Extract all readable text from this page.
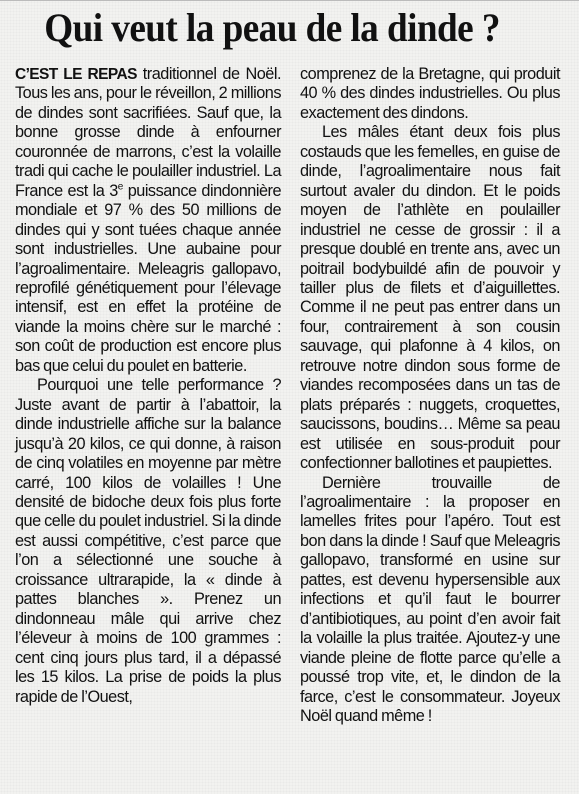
Qui veut la peau de la dinde ?

C’EST LE REPAS traditionnel de Noël. Tous les ans, pour le réveillon, 2 millions de dindes sont sacrifiées. Sauf que, la bonne grosse dinde à enfourner couronnée de marrons, c’est la volaille tradi qui cache le poulailler industriel. La France est la 3e puissance dindonnière mondiale et 97 % des 50 millions de dindes qui y sont tuées chaque année sont industrielles. Une aubaine pour l’agroalimentaire. Meleagris gallopavo, reprofilé génétiquement pour l’élevage intensif, est en effet la protéine de viande la moins chère sur le marché : son coût de production est encore plus bas que celui du poulet en batterie.

Pourquoi une telle performance ? Juste avant de partir à l’abattoir, la dinde industrielle affiche sur la balance jusqu’à 20 kilos, ce qui donne, à raison de cinq volatiles en moyenne par mètre carré, 100 kilos de volailles ! Une densité de bidoche deux fois plus forte que celle du poulet industriel. Si la dinde est aussi compétitive, c’est parce que l’on a sélectionné une souche à croissance ultrarapide, la « dinde à pattes blanches ». Prenez un dindonneau mâle qui arrive chez l’éleveur à moins de 100 grammes : cent cinq jours plus tard, il a dépassé les 15 kilos. La prise de poids la plus rapide de l’Ouest,

comprenez de la Bretagne, qui produit 40 % des dindes industrielles. Ou plus exactement des dindons.

Les mâles étant deux fois plus costauds que les femelles, en guise de dinde, l’agroalimentaire nous fait surtout avaler du dindon. Et le poids moyen de l’athlète en poulailler industriel ne cesse de grossir : il a presque doublé en trente ans, avec un poitrail bodybuildé afin de pouvoir y tailler plus de filets et d’aiguillettes. Comme il ne peut pas entrer dans un four, contrairement à son cousin sauvage, qui plafonne à 4 kilos, on retrouve notre dindon sous forme de viandes recomposées dans un tas de plats préparés : nuggets, croquettes, saucissons, boudins… Même sa peau est utilisée en sous-produit pour confectionner ballotines et paupiettes.

Dernière trouvaille de l’agroalimentaire : la proposer en lamelles frites pour l’apéro. Tout est bon dans la dinde ! Sauf que Meleagris gallopavo, transformé en usine sur pattes, est devenu hypersensible aux infections et qu’il faut le bourrer d’antibiotiques, au point d’en avoir fait la volaille la plus traitée. Ajoutez-y une viande pleine de flotte parce qu’elle a poussé trop vite, et, le dindon de la farce, c’est le consommateur. Joyeux Noël quand même !
